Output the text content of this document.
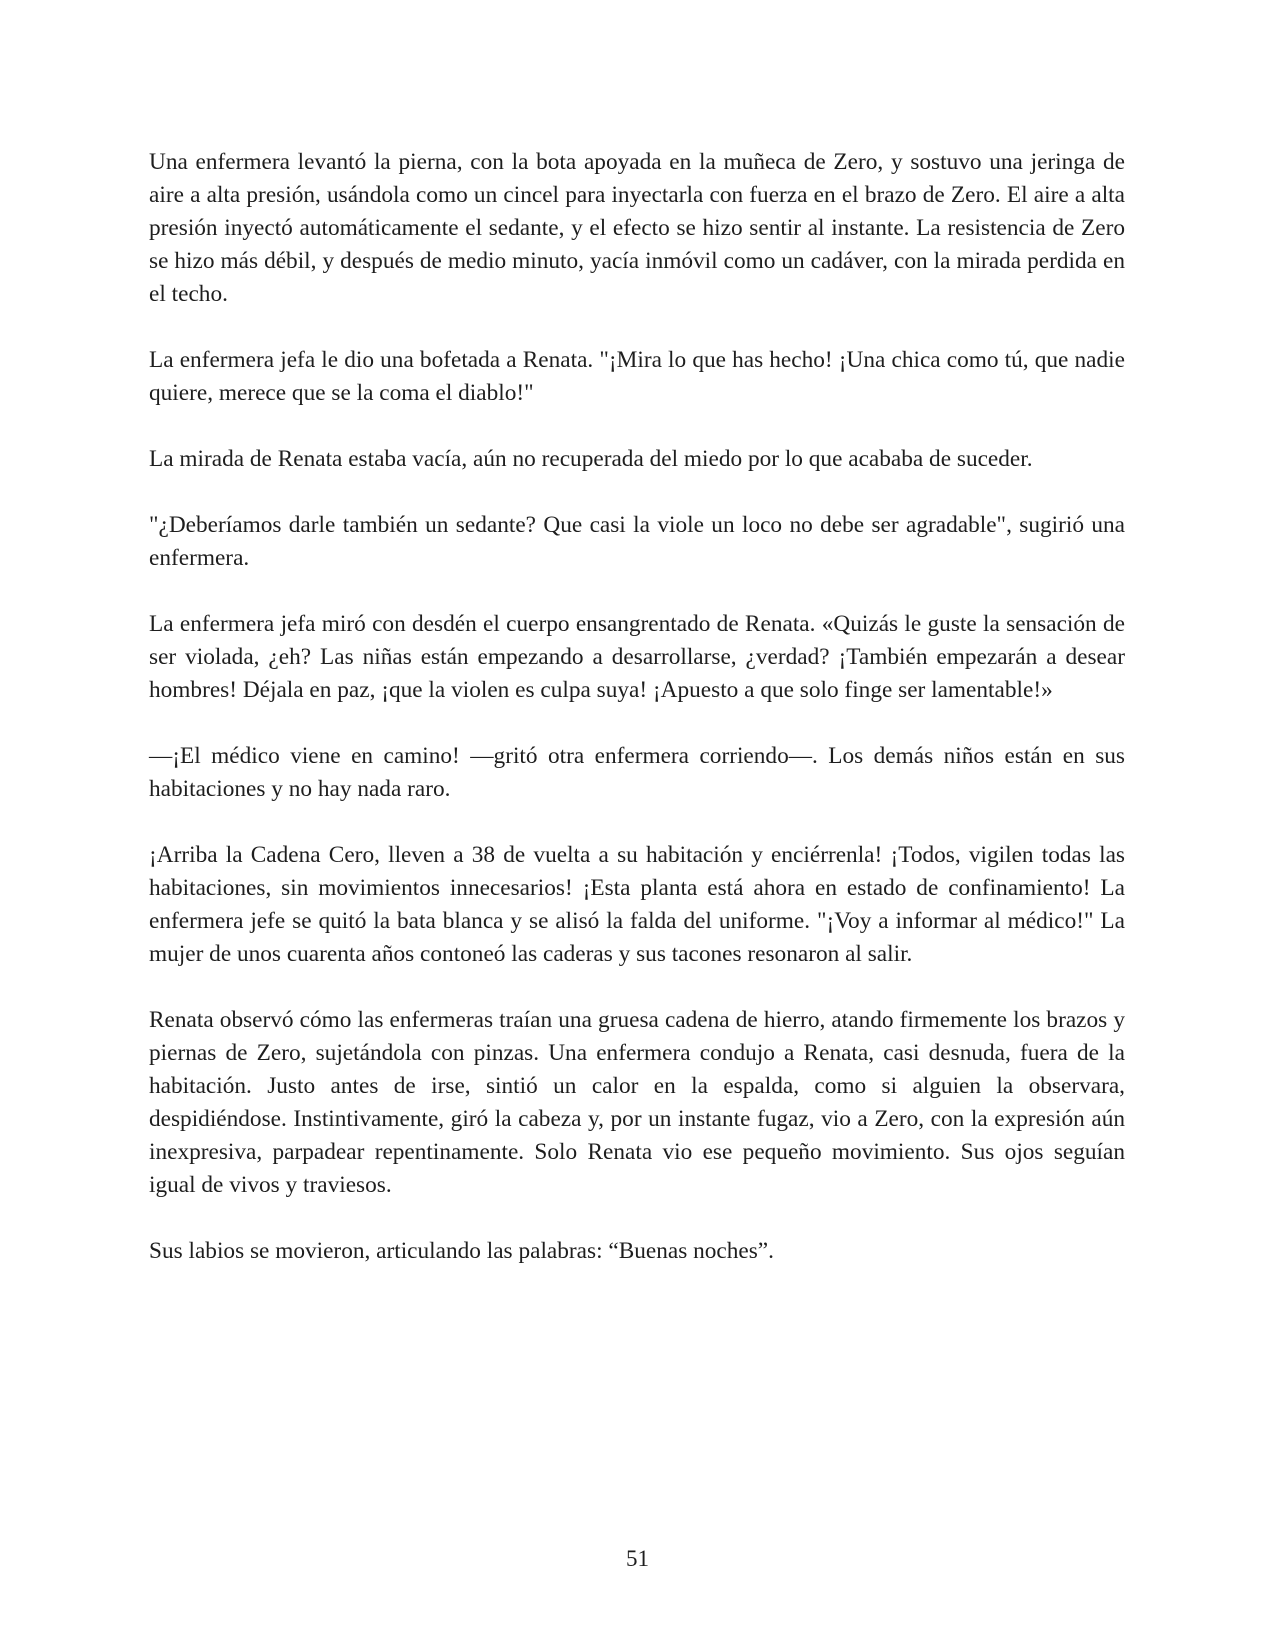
Una enfermera levantó la pierna, con la bota apoyada en la muñeca de Zero, y sostuvo una jeringa de aire a alta presión, usándola como un cincel para inyectarla con fuerza en el brazo de Zero. El aire a alta presión inyectó automáticamente el sedante, y el efecto se hizo sentir al instante. La resistencia de Zero se hizo más débil, y después de medio minuto, yacía inmóvil como un cadáver, con la mirada perdida en el techo.

La enfermera jefa le dio una bofetada a Renata. "¡Mira lo que has hecho! ¡Una chica como tú, que nadie quiere, merece que se la coma el diablo!"

La mirada de Renata estaba vacía, aún no recuperada del miedo por lo que acababa de suceder.

"¿Deberíamos darle también un sedante? Que casi la viole un loco no debe ser agradable", sugirió una enfermera.

La enfermera jefa miró con desdén el cuerpo ensangrentado de Renata. «Quizás le guste la sensación de ser violada, ¿eh? Las niñas están empezando a desarrollarse, ¿verdad? ¡También empezarán a desear hombres! Déjala en paz, ¡que la violen es culpa suya! ¡Apuesto a que solo finge ser lamentable!»

—¡El médico viene en camino! —gritó otra enfermera corriendo—. Los demás niños están en sus habitaciones y no hay nada raro.

¡Arriba la Cadena Cero, lleven a 38 de vuelta a su habitación y enciérrenla! ¡Todos, vigilen todas las habitaciones, sin movimientos innecesarios! ¡Esta planta está ahora en estado de confinamiento! La enfermera jefe se quitó la bata blanca y se alisó la falda del uniforme. "¡Voy a informar al médico!" La mujer de unos cuarenta años contoneó las caderas y sus tacones resonaron al salir.

Renata observó cómo las enfermeras traían una gruesa cadena de hierro, atando firmemente los brazos y piernas de Zero, sujetándola con pinzas. Una enfermera condujo a Renata, casi desnuda, fuera de la habitación. Justo antes de irse, sintió un calor en la espalda, como si alguien la observara, despidiéndose. Instintivamente, giró la cabeza y, por un instante fugaz, vio a Zero, con la expresión aún inexpresiva, parpadear repentinamente. Solo Renata vio ese pequeño movimiento. Sus ojos seguían igual de vivos y traviesos.

Sus labios se movieron, articulando las palabras: “Buenas noches”.

51
